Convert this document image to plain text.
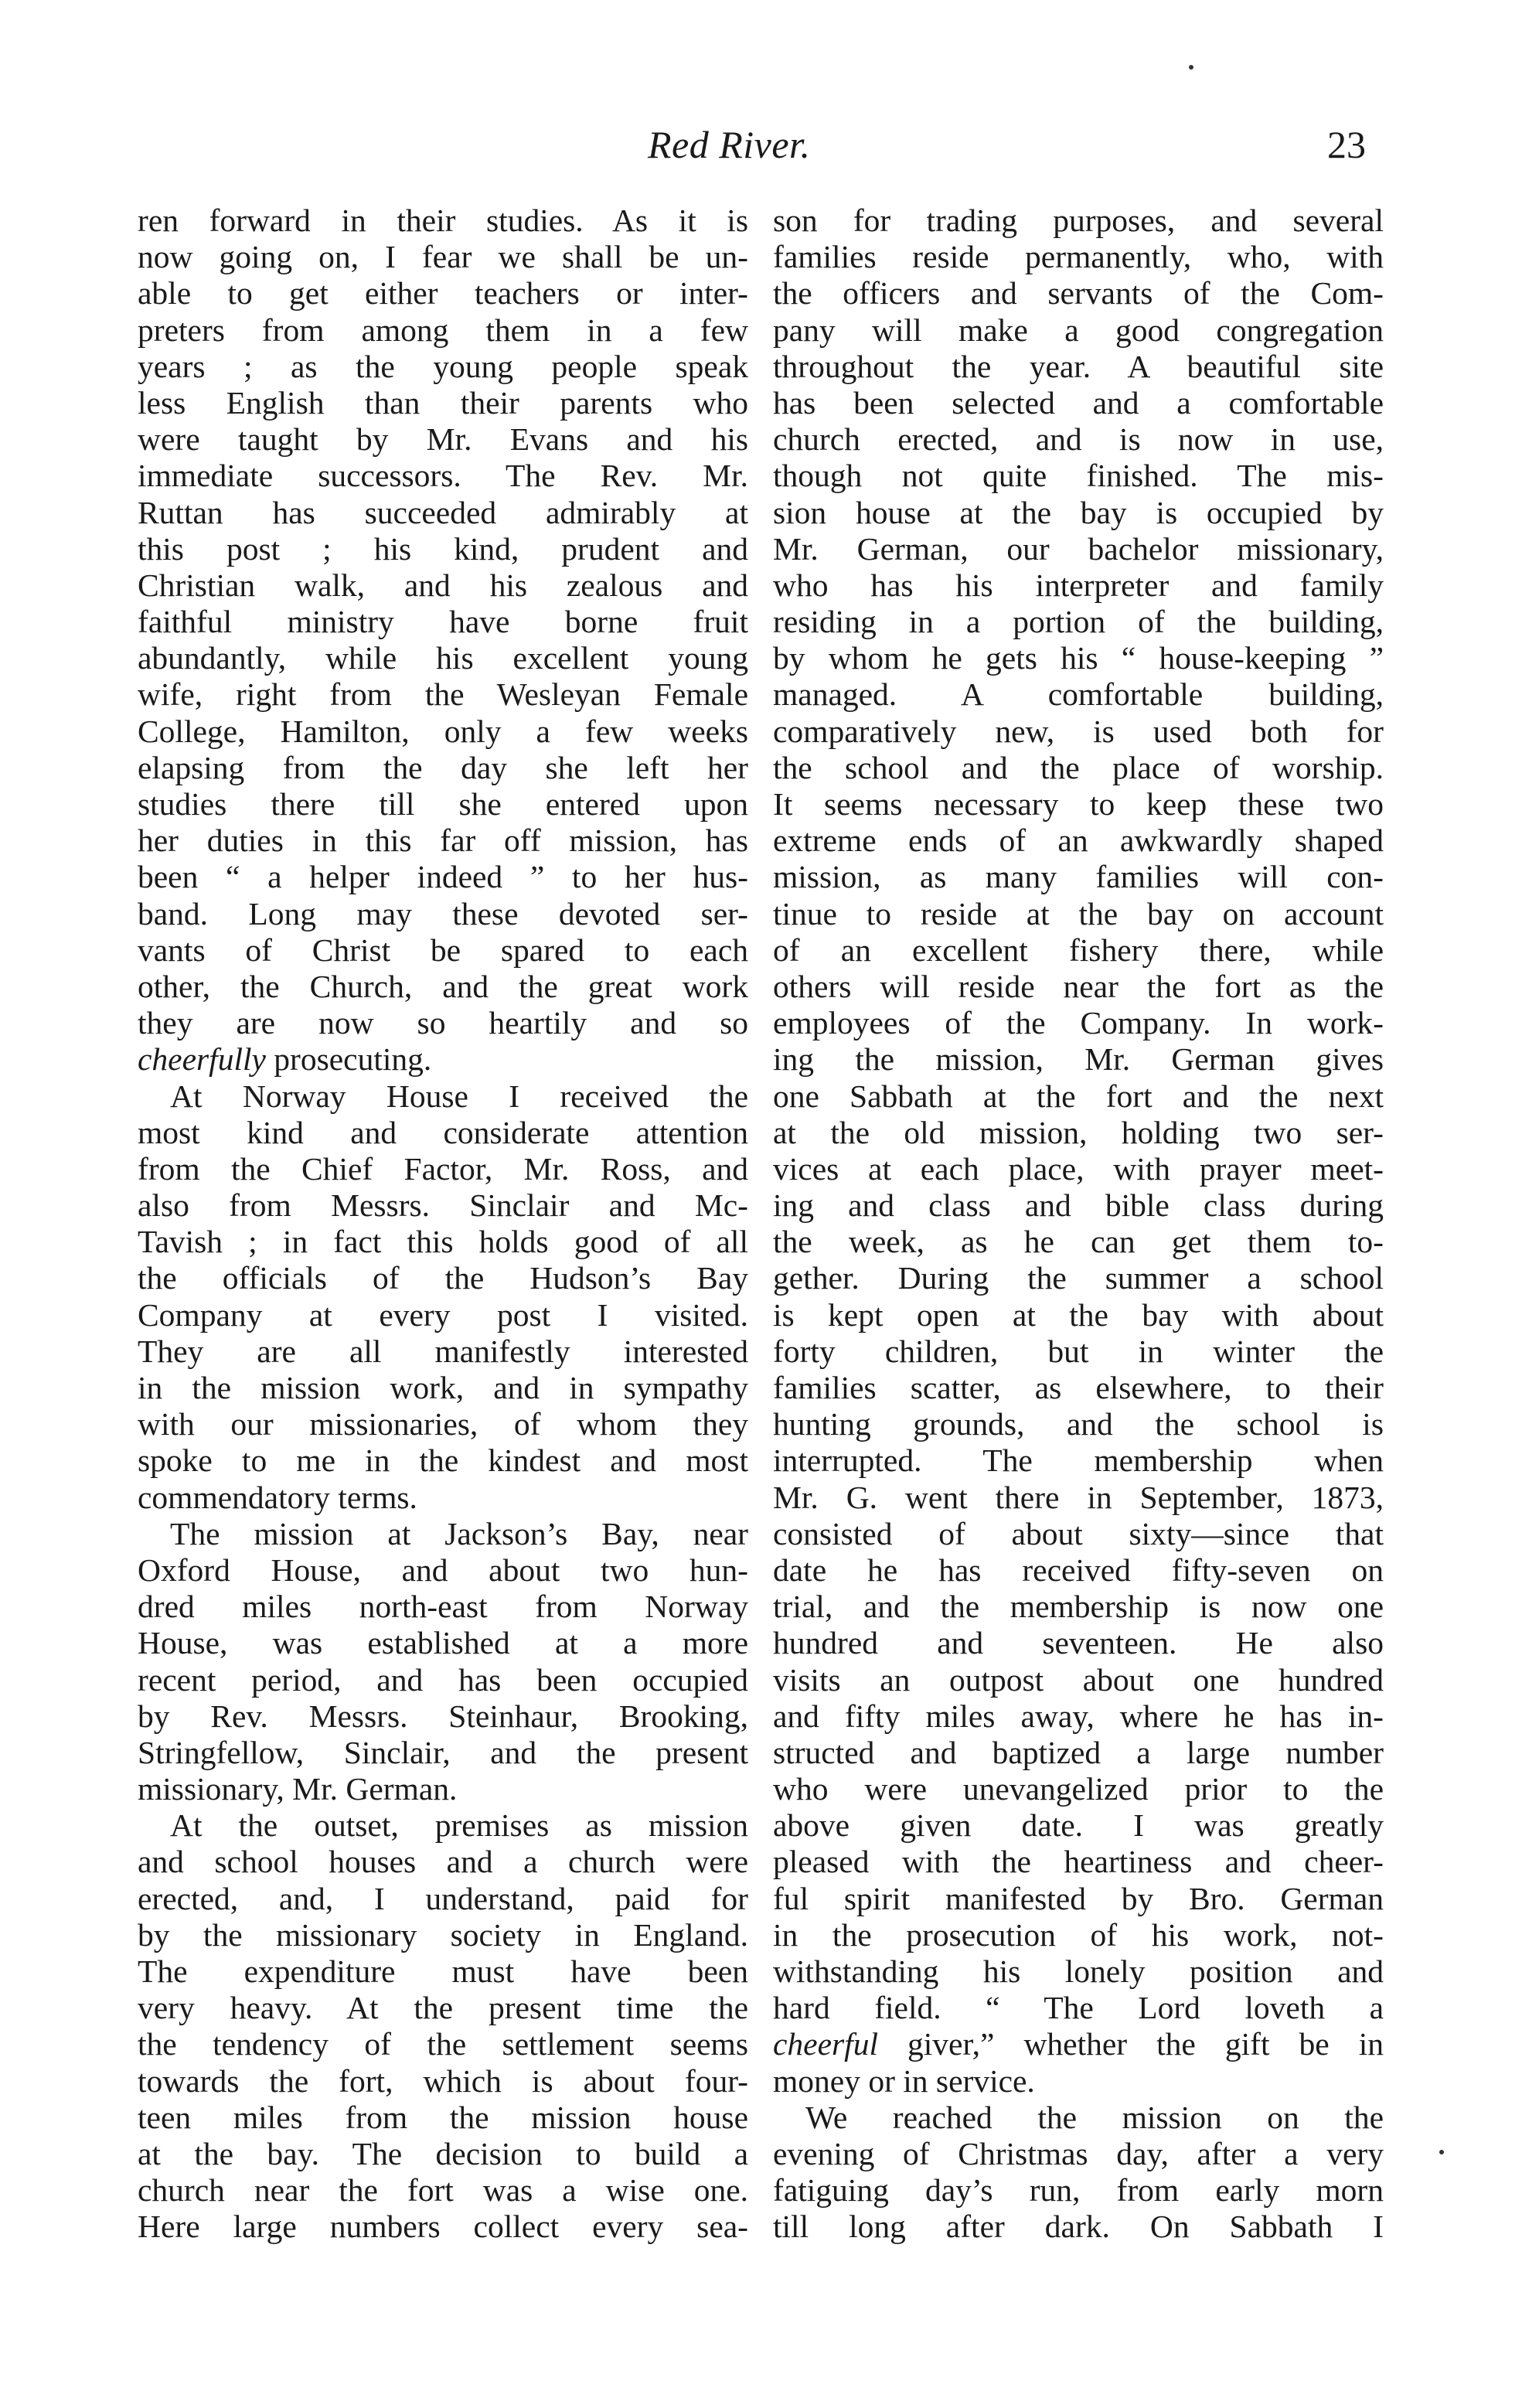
Red River.	23
ren forward in their studies. As it is
now going on, I fear we shall be un-
able to get either teachers or inter-
preters from among them in a few
years ; as the young people speak
less English than their parents who
were taught by Mr. Evans and his
immediate successors. The Rev. Mr.
Ruttan has succeeded admirably at
this post ; his kind, prudent and
Christian walk, and his zealous and
faithful ministry have borne fruit
abundantly, while his excellent young
wife, right from the Wesleyan Female
College, Hamilton, only a few weeks
elapsing from the day she left her
studies there till she entered upon
her duties in this far off mission, has
been “ a helper indeed ” to her hus-
band. Long may these devoted ser-
vants of Christ be spared to each
other, the Church, and the great work
they are now so heartily and so
cheerfully prosecuting.
At Norway House I received the
most kind and considerate attention
from the Chief Factor, Mr. Ross, and
also from Messrs. Sinclair and Mc-
Tavish ; in fact this holds good of all
the officials of the Hudson’s Bay
Company at every post I visited.
They are all manifestly interested
in the mission work, and in sympathy
with our missionaries, of whom they
spoke to me in the kindest and most
commendatory terms.
The mission at Jackson’s Bay, near
Oxford House, and about two hun-
dred miles north-east from Norway
House, was established at a more
recent period, and has been occupied
by Rev. Messrs. Steinhaur, Brooking,
Stringfellow, Sinclair, and the present
missionary, Mr. German.
At the outset, premises as mission
and school houses and a church were
erected, and, I understand, paid for
by the missionary society in England.
The expenditure must have been
very heavy. At the present time the
the tendency of the settlement seems
towards the fort, which is about four-
teen miles from the mission house
at the bay. The decision to build a
church near the fort was a wise one.
Here large numbers collect every sea-
son for trading purposes, and several
families reside permanently, who, with
the officers and servants of the Com-
pany will make a good congregation
throughout the year. A beautiful site
has been selected and a comfortable
church erected, and is now in use,
though not quite finished. The mis-
sion house at the bay is occupied by
Mr. German, our bachelor missionary,
who has his interpreter and family
residing in a portion of the building,
by whom he gets his “ house-keeping ”
managed. A comfortable building,
comparatively new, is used both for
the school and the place of worship.
It seems necessary to keep these two
extreme ends of an awkwardly shaped
mission, as many families will con-
tinue to reside at the bay on account
of an excellent fishery there, while
others will reside near the fort as the
employees of the Company. In work-
ing the mission, Mr. German gives
one Sabbath at the fort and the next
at the old mission, holding two ser-
vices at each place, with prayer meet-
ing and class and bible class during
the week, as he can get them to-
gether. During the summer a school
is kept open at the bay with about
forty children, but in winter the
families scatter, as elsewhere, to their
hunting grounds, and the school is
interrupted. The membership when
Mr. G. went there in September, 1873,
consisted of about sixty—since that
date he has received fifty-seven on
trial, and the membership is now one
hundred and seventeen. He also
visits an outpost about one hundred
and fifty miles away, where he has in-
structed and baptized a large number
who were unevangelized prior to the
above given date. I was greatly
pleased with the heartiness and cheer-
ful spirit manifested by Bro. German
in the prosecution of his work, not-
withstanding his lonely position and
hard field. “ The Lord loveth a
cheerful giver,” whether the gift be in
money or in service.
We reached the mission on the
evening of Christmas day, after a very
fatiguing day’s run, from early morn
till long after dark. On Sabbath I
